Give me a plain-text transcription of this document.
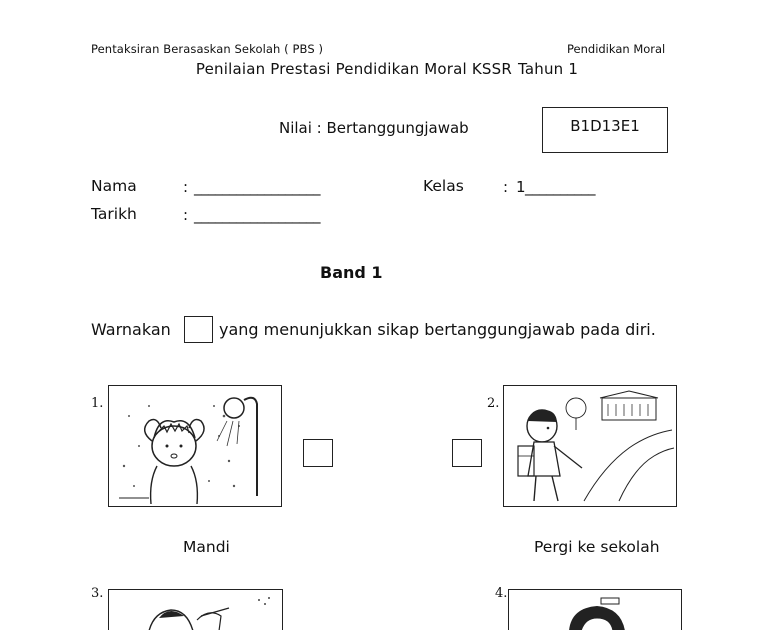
Pentaksiran Berasaskan Sekolah ( PBS )	Pendidikan Moral
Penilaian Prestasi Pendidikan Moral KSSR Tahun 1
Nilai : Bertanggungjawab	B1D13E1
Nama	: __________________
Tarikh	: __________________
Kelas	: 1__________
Band 1
Warnakan	yang menunjukkan sikap bertanggungjawab pada diri.
1.
Mandi
2.
Pergi ke sekolah
3.	4.
